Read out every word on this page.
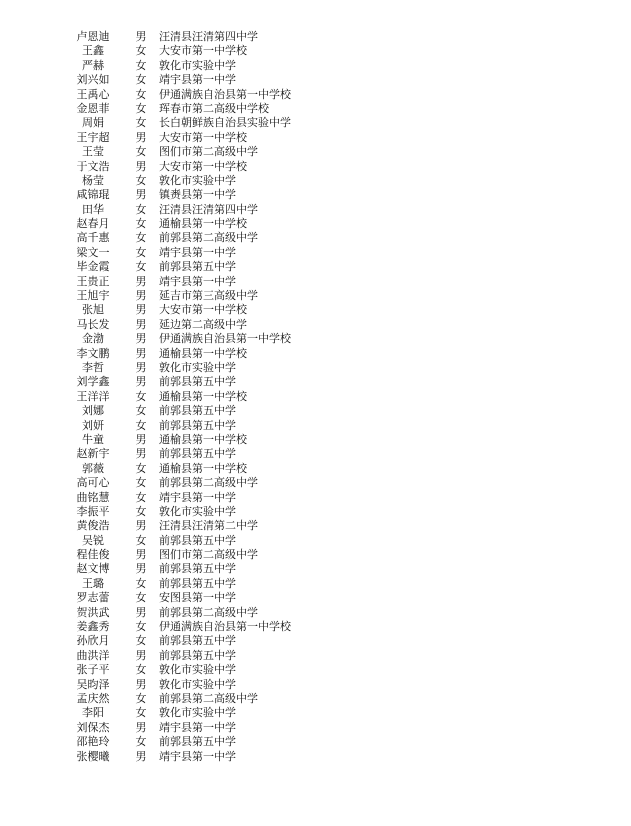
卢恩迪	男 汪清县汪清第四中学
王鑫	女 大安市第一中学校
严赫	女 敦化市实验中学
刘兴如	女 靖宇县第一中学
王禹心	女 伊通满族自治县第一中学校
金恩菲	女 珲春市第二高级中学校
周娟	女 长白朝鲜族自治县实验中学
王宇超	男 大安市第一中学校
王莹	女 图们市第二高级中学
于文浩	男 大安市第一中学校
杨莹	女 敦化市实验中学
咸锦琨	男 镇赉县第一中学
田华	女 汪清县汪清第四中学
赵春月	女 通榆县第一中学校
高千惠	女 前郭县第二高级中学
梁文一	女 靖宇县第一中学
毕金霞	女 前郭县第五中学
王贵正	男 靖宇县第一中学
王旭宇	男 延吉市第三高级中学
张旭	男 大安市第一中学校
马长发	男 延边第二高级中学
金渤	男 伊通满族自治县第一中学校
李文鹏	男 通榆县第一中学校
李哲	男 敦化市实验中学
刘学鑫	男 前郭县第五中学
王洋洋	女 通榆县第一中学校
刘娜	女 前郭县第五中学
刘妍	女 前郭县第五中学
牛童	男 通榆县第一中学校
赵新宇	男 前郭县第五中学
郭薇	女 通榆县第一中学校
高可心	女 前郭县第二高级中学
曲铭慧	女 靖宇县第一中学
李振平	女 敦化市实验中学
黄俊浩	男 汪清县汪清第二中学
吴锐	女 前郭县第五中学
程佳俊	男 图们市第二高级中学
赵文博	男 前郭县第五中学
王璐	女 前郭县第五中学
罗志蕾	女 安图县第一中学
贺洪武	男 前郭县第二高级中学
姜鑫秀	女 伊通满族自治县第一中学校
孙欣月	女 前郭县第五中学
曲洪洋	男 前郭县第五中学
张子平	女 敦化市实验中学
吴昀泽	男 敦化市实验中学
孟庆然	女 前郭县第二高级中学
李阳	女 敦化市实验中学
刘保杰	男 靖宇县第一中学
邵艳玲	女 前郭县第五中学
张樱曦	男 靖宇县第一中学
